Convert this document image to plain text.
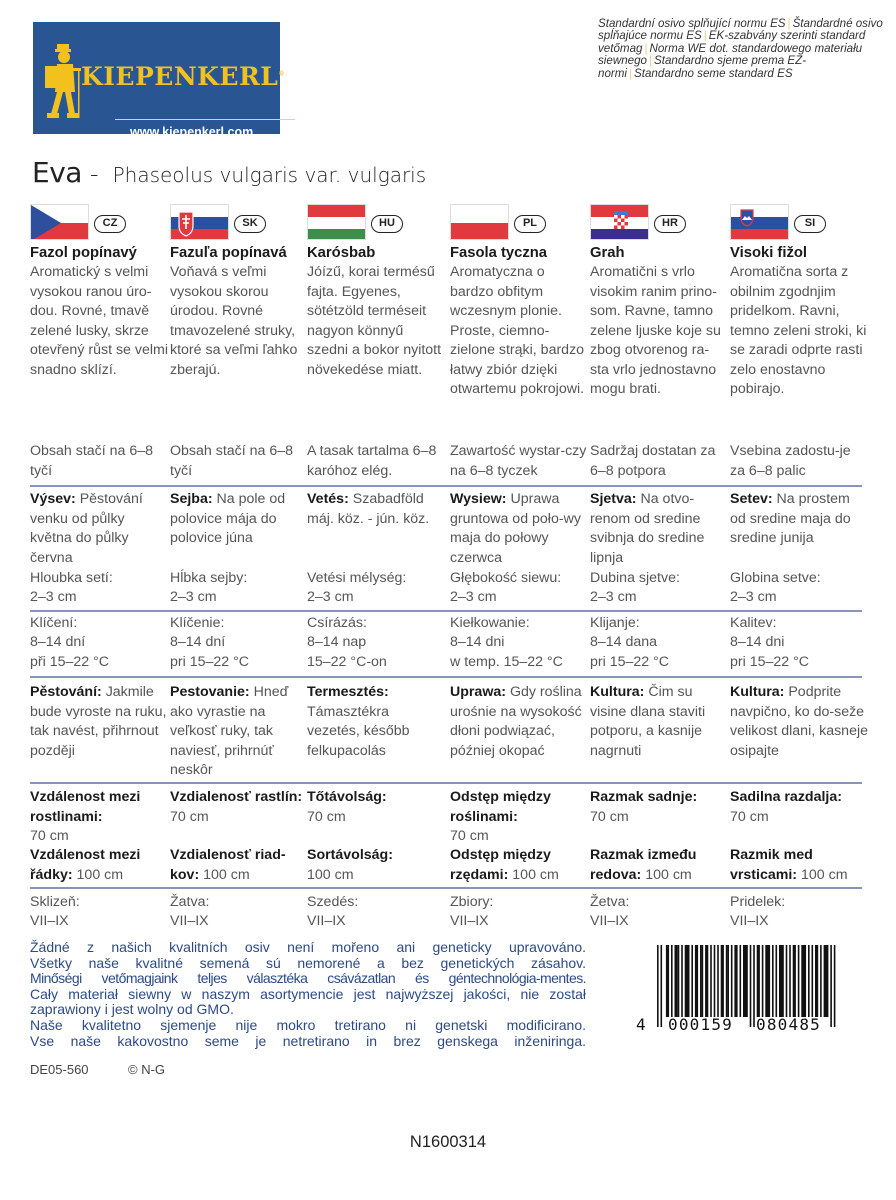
KIEPENKERL®
www.kiepenkerl.com
Standardní osivo splňující normu ES | Štandardné osivo spĺňajúce normu ES | EK-szabvány szerinti standard vetőmag | Norma WE dot. standardowego materiału siewnego | Standardno sjeme prema EZ-normi | Standardno seme standard ES
Eva - Phaseolus vulgaris var. vulgaris
CZ
Fazol popínavý
Aromatický s velmi vysokou ranou úro-dou. Rovné, tmavě zelené lusky, skrze otevřený růst se velmi snadno sklízí.
Obsah stačí na 6–8 tyčí
Výsev: Pěstování venku od půlky května do půlky června
Hloubka setí:
2–3 cm
Klíčení:
8–14 dní
při 15–22 °C
Pěstování: Jakmile bude vyroste na ruku, tak navést, přihrnout později
Vzdálenost mezi rostlinami:
70 cm
Vzdálenost mezi řádky: 100 cm
Sklizeň:
VII–IX
SK
Fazuľa popínavá
Voňavá s veľmi vysokou skorou úrodou. Rovné tmavozelené struky, ktoré sa veľmi ľahko zberajú.
Obsah stačí na 6–8 tyčí
Sejba: Na pole od polovice mája do polovice júna
Hĺbka sejby:
2–3 cm
Klíčenie:
8–14 dní
pri 15–22 °C
Pestovanie: Hneď ako vyrastie na veľkosť ruky, tak naviesť, prihrnúť neskôr
Vzdialenosť rastlín:
70 cm
Vzdialenosť riad-kov: 100 cm
Žatva:
VII–IX
HU
Karósbab
Jóízű, korai termésű fajta. Egyenes, sötétzöld terméseit nagyon könnyű szedni a bokor nyitott növekedése miatt.
A tasak tartalma 6–8 karóhoz elég.
Vetés: Szabadföld máj. köz. - jún. köz.
Vetési mélység:
2–3 cm
Csírázás:
8–14 nap
15–22 °C-on
Termesztés:
Támasztékra vezetés, később felkupacolás
Tőtávolság:
70 cm
Sortávolság:
100 cm
Szedés:
VII–IX
PL
Fasola tyczna
Aromatyczna o bardzo obfitym wczesnym plonie. Proste, ciemno-zielone strąki, bardzo łatwy zbiór dzięki otwartemu pokrojowi.
Zawartość wystar-czy na 6–8 tyczek
Wysiew: Uprawa gruntowa od poło-wy maja do połowy czerwca
Głębokość siewu:
2–3 cm
Kiełkowanie:
8–14 dni
w temp. 15–22 °C
Uprawa: Gdy roślina urośnie na wysokość dłoni podwiązać, później okopać
Odstęp między roślinami:
70 cm
Odstęp między rzędami: 100 cm
Zbiory:
VII–IX
HR
Grah
Aromatični s vrlo visokim ranim prino-som. Ravne, tamno zelene ljuske koje su zbog otvorenog ra-sta vrlo jednostavno mogu brati.
Sadržaj dostatan za 6–8 potpora
Sjetva: Na otvo-renom od sredine svibnja do sredine lipnja
Dubina sjetve:
2–3 cm
Klijanje:
8–14 dana
pri 15–22 °C
Kultura: Čim su visine dlana staviti potporu, a kasnije nagrnuti
Razmak sadnje:
70 cm
Razmak između redova: 100 cm
Žetva:
VII–IX
SI
Visoki fižol
Aromatična sorta z obilnim zgodnjim pridelkom. Ravni, temno zeleni stroki, ki se zaradi odprte rasti zelo enostavno pobirajo.
Vsebina zadostu-je za 6–8 palic
Setev: Na prostem od sredine maja do sredine junija
Globina setve:
2–3 cm
Kalitev:
8–14 dni
pri 15–22 °C
Kultura: Podprite navpično, ko do-seže velikost dlani, kasneje osipajte
Sadilna razdalja:
70 cm
Razmik med vrsticami: 100 cm
Pridelek:
VII–IX
Žádné z našich kvalitních osiv není mořeno ani geneticky upravováno.
Všetky naše kvalitné semená sú nemorené a bez genetických zásahov.
Minőségi vetőmagjaink teljes választéka csávázatlan és géntechnológia-mentes.
Cały materiał siewny w naszym asortymencie jest najwyższej jakości, nie został zaprawiony i jest wolny od GMO.
Naše kvalitetno sjemenje nije mokro tretirano ni genetski modificirano.
Vse naše kakovostno seme je netretirano in brez genskega inženiringa.
DE05-560	© N-G
4 000159 080485
N1600314
